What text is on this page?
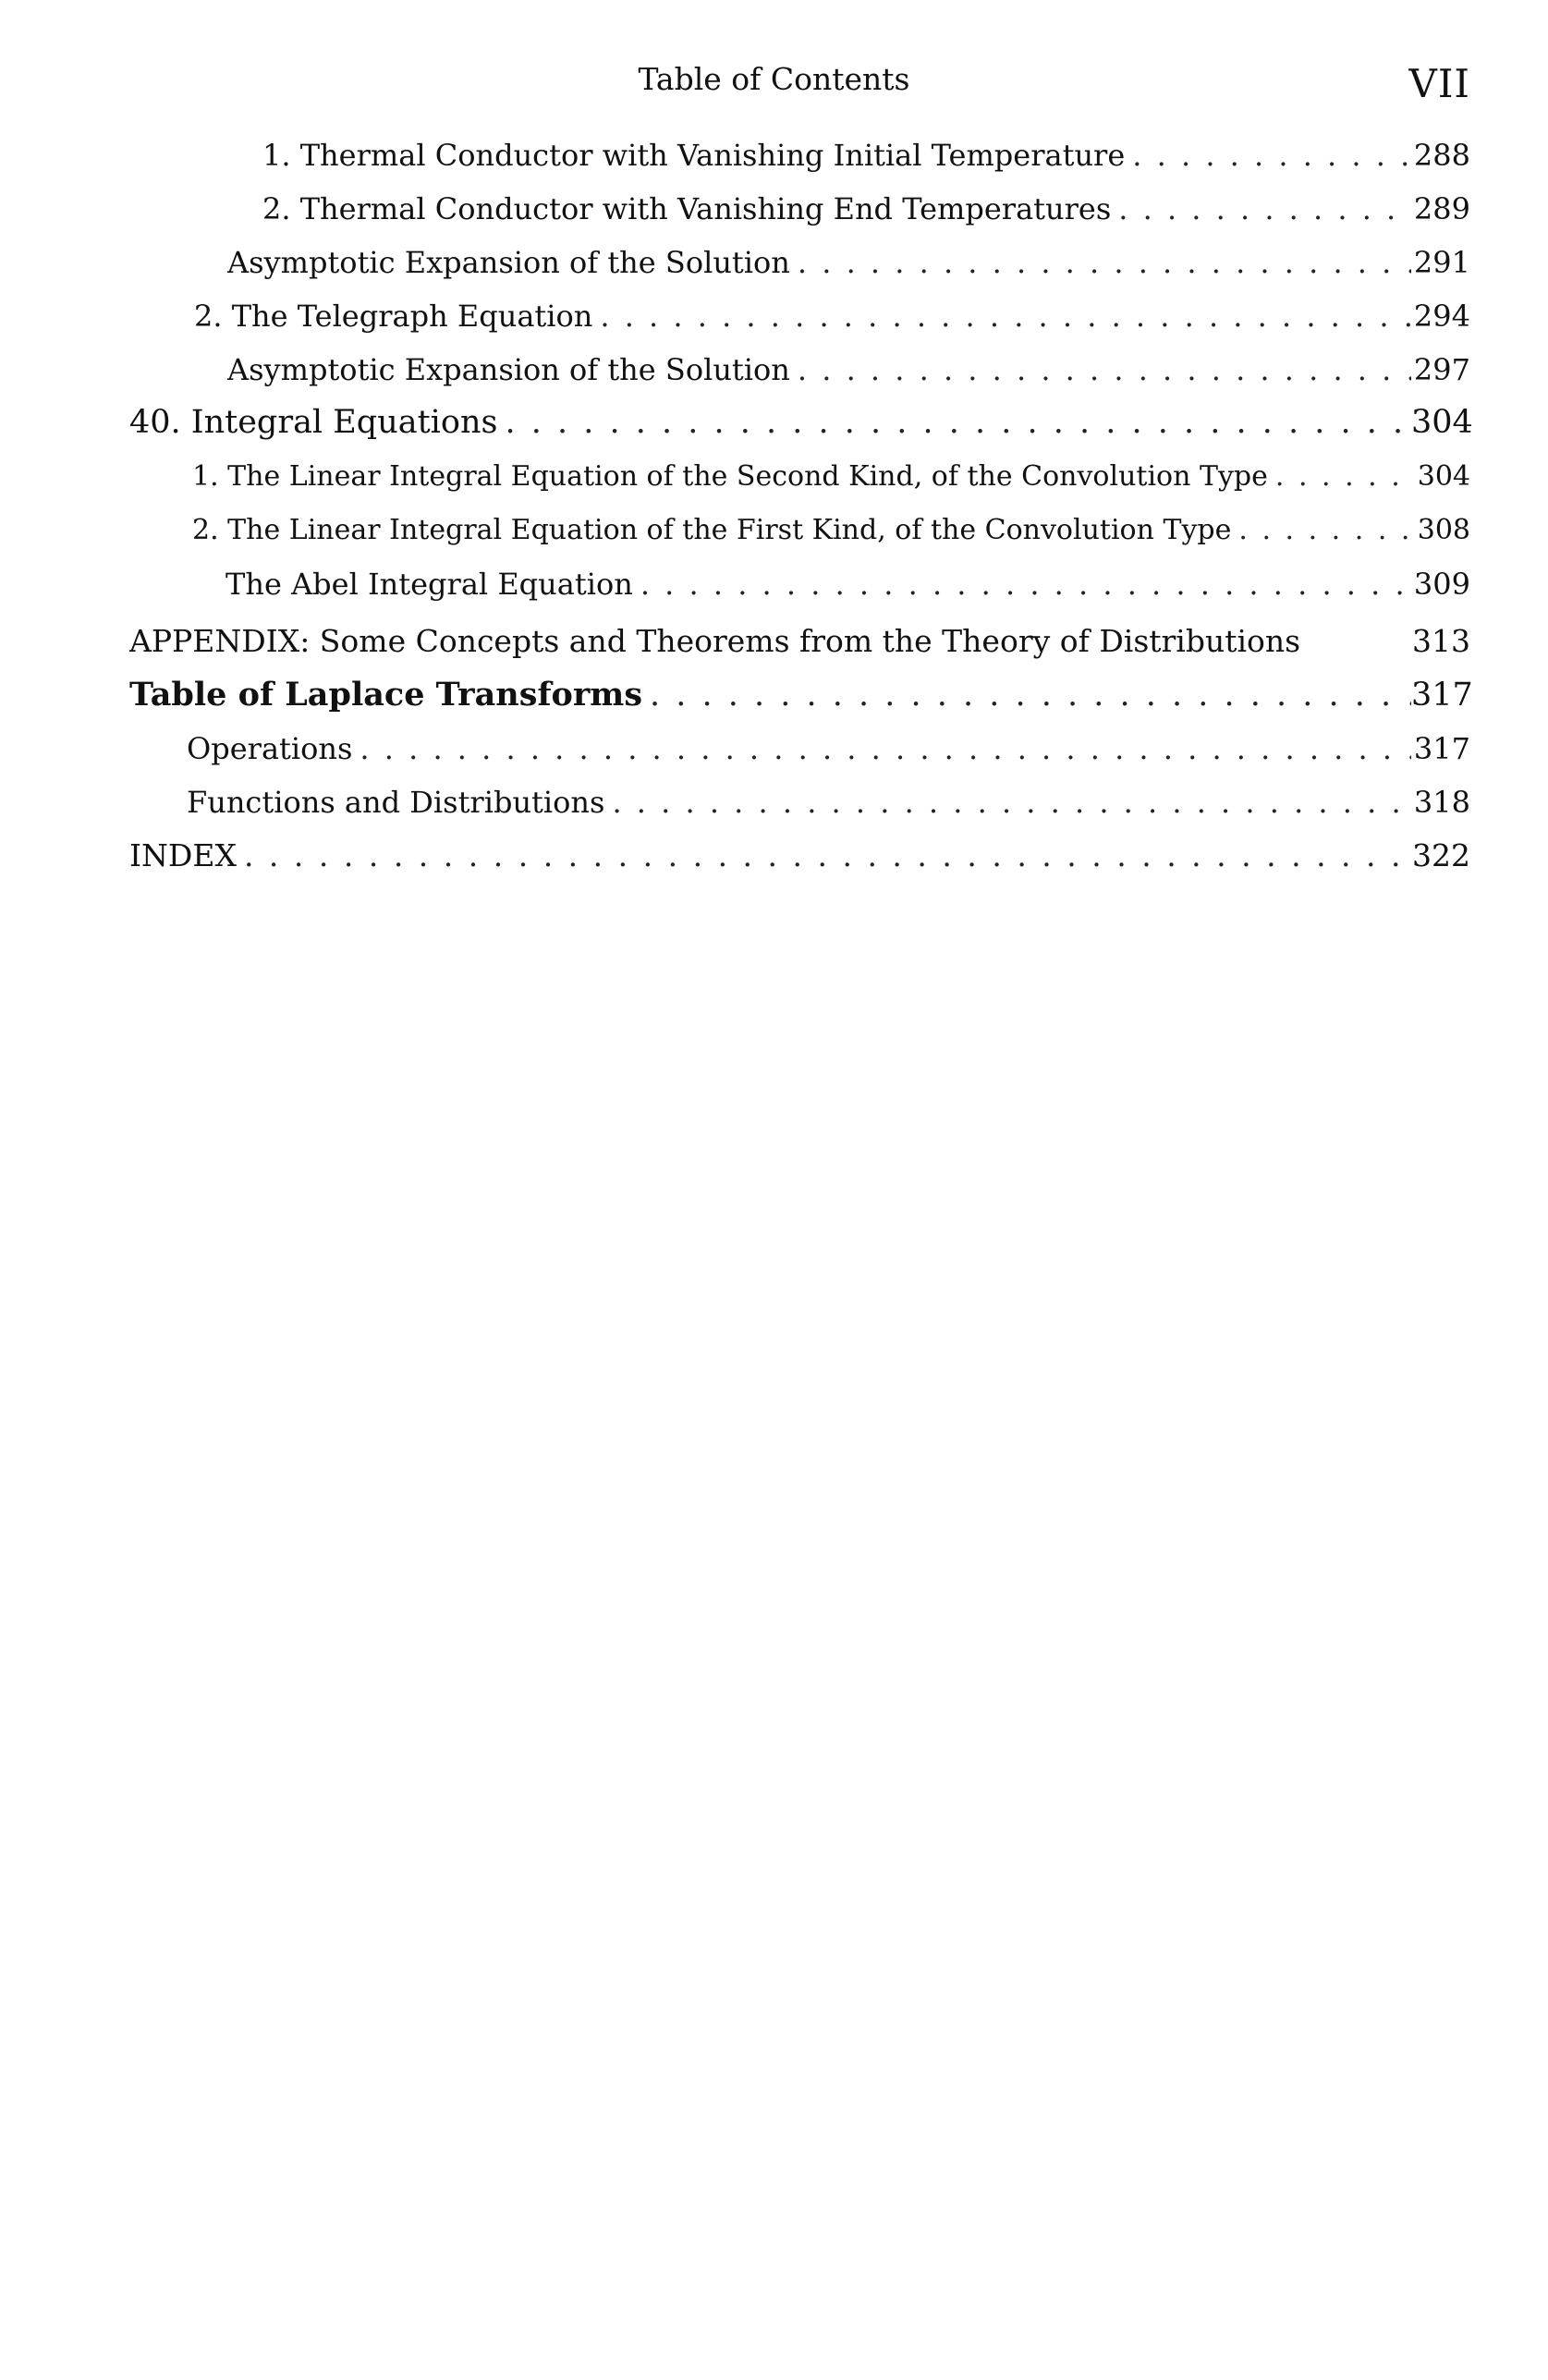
Table of Contents	VII
1. Thermal Conductor with Vanishing Initial Temperature . . .	288
2. Thermal Conductor with Vanishing End Temperatures . . .	289
Asymptotic Expansion of the Solution . . .	291
2. The Telegraph Equation . . .	294
Asymptotic Expansion of the Solution . . .	297
40. Integral Equations . . .	304
1. The Linear Integral Equation of the Second Kind, of the Convolution Type . . .	304
2. The Linear Integral Equation of the First Kind, of the Convolution Type . . .	308
The Abel Integral Equation . . .	309
APPENDIX: Some Concepts and Theorems from the Theory of Distributions	313
Table of Laplace Transforms . . .	317
Operations . . .	317
Functions and Distributions . . .	318
INDEX . . .	322
